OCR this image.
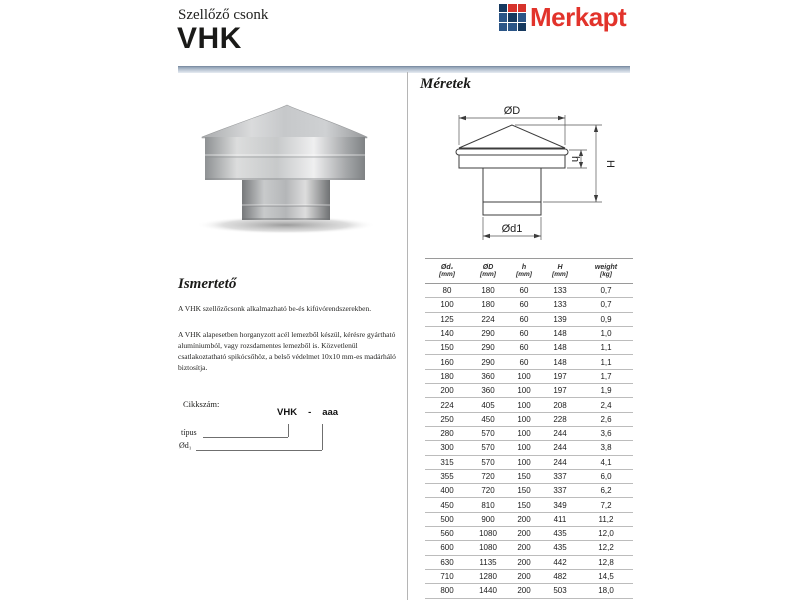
Szellőző csonk
VHK
Merkapt
Ismertető
A VHK szellőzőcsonk alkalmazható be-és kifúvórendszerekben.
A VHK alapesetben horganyzott acél lemezből készül, kérésre gyártható alumíniumból, vagy rozsdamentes lemezből is. Közvetlenül csatlakoztatható spikócsőhöz, a belső védelmet 10x10 mm-es madárháló biztosítja.
Cikkszám:
VHK - aaa
típus
Ød₁
Méretek
ØD
Ød1
h
H
Ød₁
[mm]

ØD
[mm]

h
[mm]

H
[mm]

weight
[kg]

80	180	60	133	0,7
100	180	60	133	0,7
125	224	60	139	0,9
140	290	60	148	1,0
150	290	60	148	1,1
160	290	60	148	1,1
180	360	100	197	1,7
200	360	100	197	1,9
224	405	100	208	2,4
250	450	100	228	2,6
280	570	100	244	3,6
300	570	100	244	3,8
315	570	100	244	4,1
355	720	150	337	6,0
400	720	150	337	6,2
450	810	150	349	7,2
500	900	200	411	11,2
560	1080	200	435	12,0
600	1080	200	435	12,2
630	1135	200	442	12,8
710	1280	200	482	14,5
800	1440	200	503	18,0
